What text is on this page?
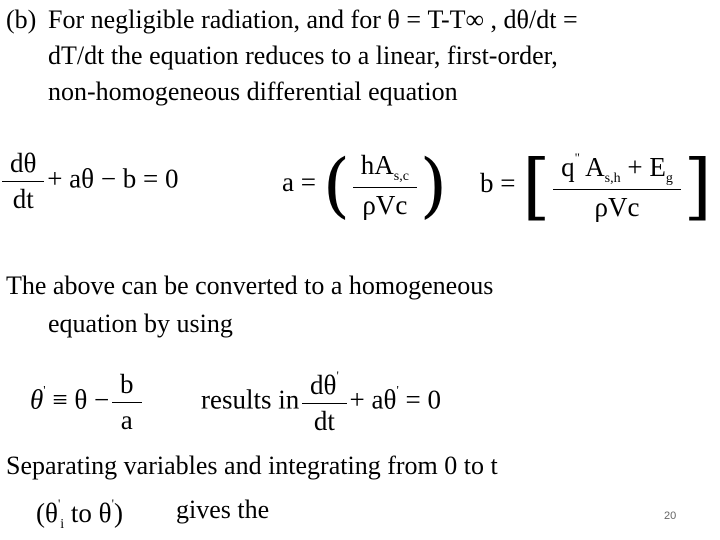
(b) For negligible radiation, and for θ = T-T∞ , dθ/dt =
dT/dt the equation reduces to a linear, first-order,
non-homogeneous differential equation
$\frac{d\theta}{dt} + a\theta - b = 0$	a = ( $\frac{hA_{s,c}}{\text{ρVc}}$ ) b = [ $\frac{q^" A_{s,h} + E_g}{\text{ρVc}}$ ]
The above can be converted to a homogeneous
equation by using
$\theta' \equiv \theta - \frac{b}{a}$ results in $\frac{d\theta'}{dt} + a\theta' = 0$
Separating variables and integrating from 0 to t
($\theta'_i$ to θ') gives the	20
